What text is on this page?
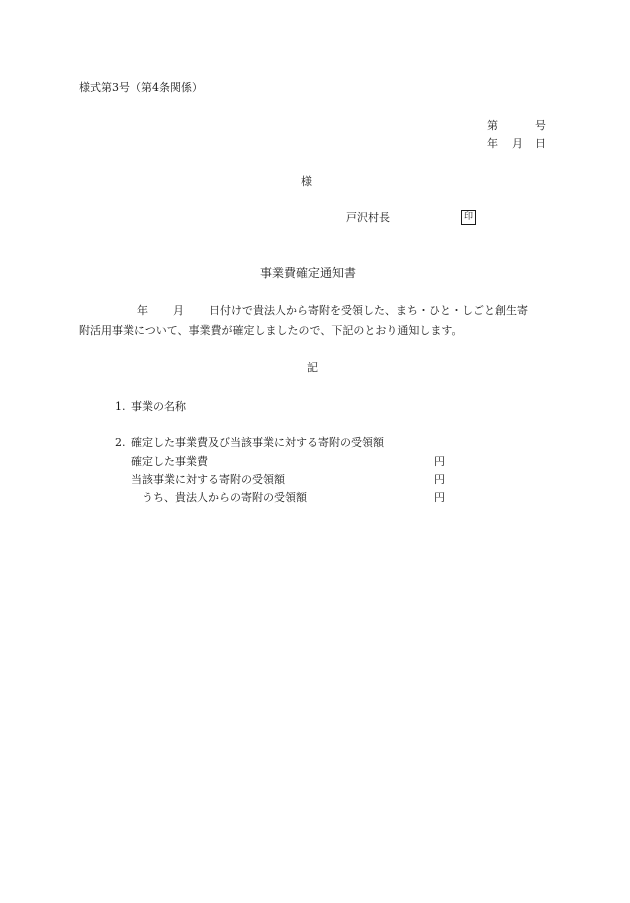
様式第3号（第4条関係）
第	号
年 月 日
様
戸沢村長	印
事業費確定通知書
年 月 日付けで貴法人から寄附を受領した、まち・ひと・しごと創生寄
附活用事業について、事業費が確定しましたので、下記のとおり通知します。
記
1. 事業の名称
2. 確定した事業費及び当該事業に対する寄附の受領額
確定した事業費	円
当該事業に対する寄附の受領額	円
うち、貴法人からの寄附の受領額	円
